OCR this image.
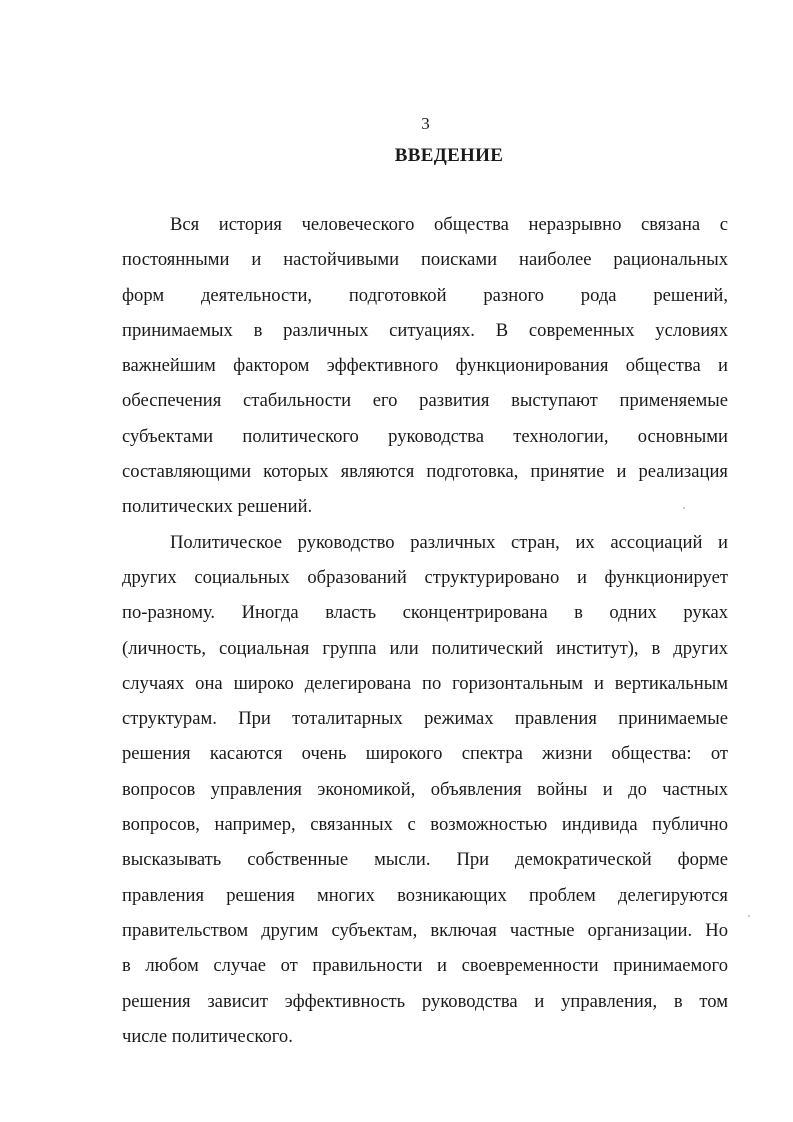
3
ВВЕДЕНИЕ
Вся история человеческого общества неразрывно связана с
постоянными и настойчивыми поисками наиболее рациональных
форм деятельности, подготовкой разного рода решений,
принимаемых в различных ситуациях. В современных условиях
важнейшим фактором эффективного функционирования общества и
обеспечения стабильности его развития выступают применяемые
субъектами политического руководства технологии, основными
составляющими которых являются подготовка, принятие и реализация
политических решений.
Политическое руководство различных стран, их ассоциаций и
других социальных образований структурировано и функционирует
по-разному. Иногда власть сконцентрирована в одних руках
(личность, социальная группа или политический институт), в других
случаях она широко делегирована по горизонтальным и вертикальным
структурам. При тоталитарных режимах правления принимаемые
решения касаются очень широкого спектра жизни общества: от
вопросов управления экономикой, объявления войны и до частных
вопросов, например, связанных с возможностью индивида публично
высказывать собственные мысли. При демократической форме
правления решения многих возникающих проблем делегируются
правительством другим субъектам, включая частные организации. Но
в любом случае от правильности и своевременности принимаемого
решения зависит эффективность руководства и управления, в том
числе политического.
